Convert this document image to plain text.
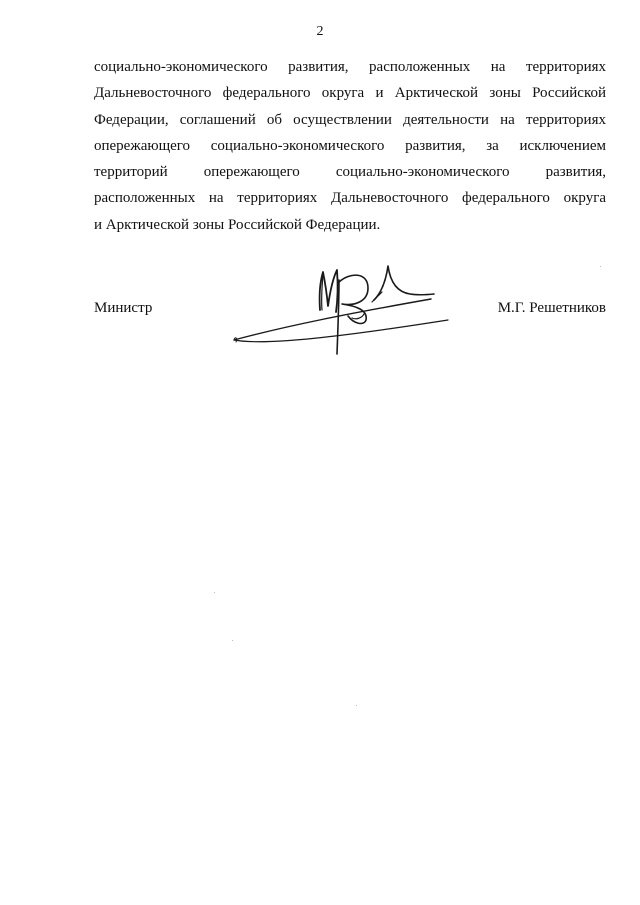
2
социально-экономического развития, расположенных на территориях
Дальневосточного федерального округа и Арктической зоны Российской
Федерации, соглашений об осуществлении деятельности на территориях
опережающего социально-экономического развития, за исключением
территорий опережающего социально-экономического развития,
расположенных на территориях Дальневосточного федерального округа
и Арктической зоны Российской Федерации.
Министр	М.Г. Решетников
